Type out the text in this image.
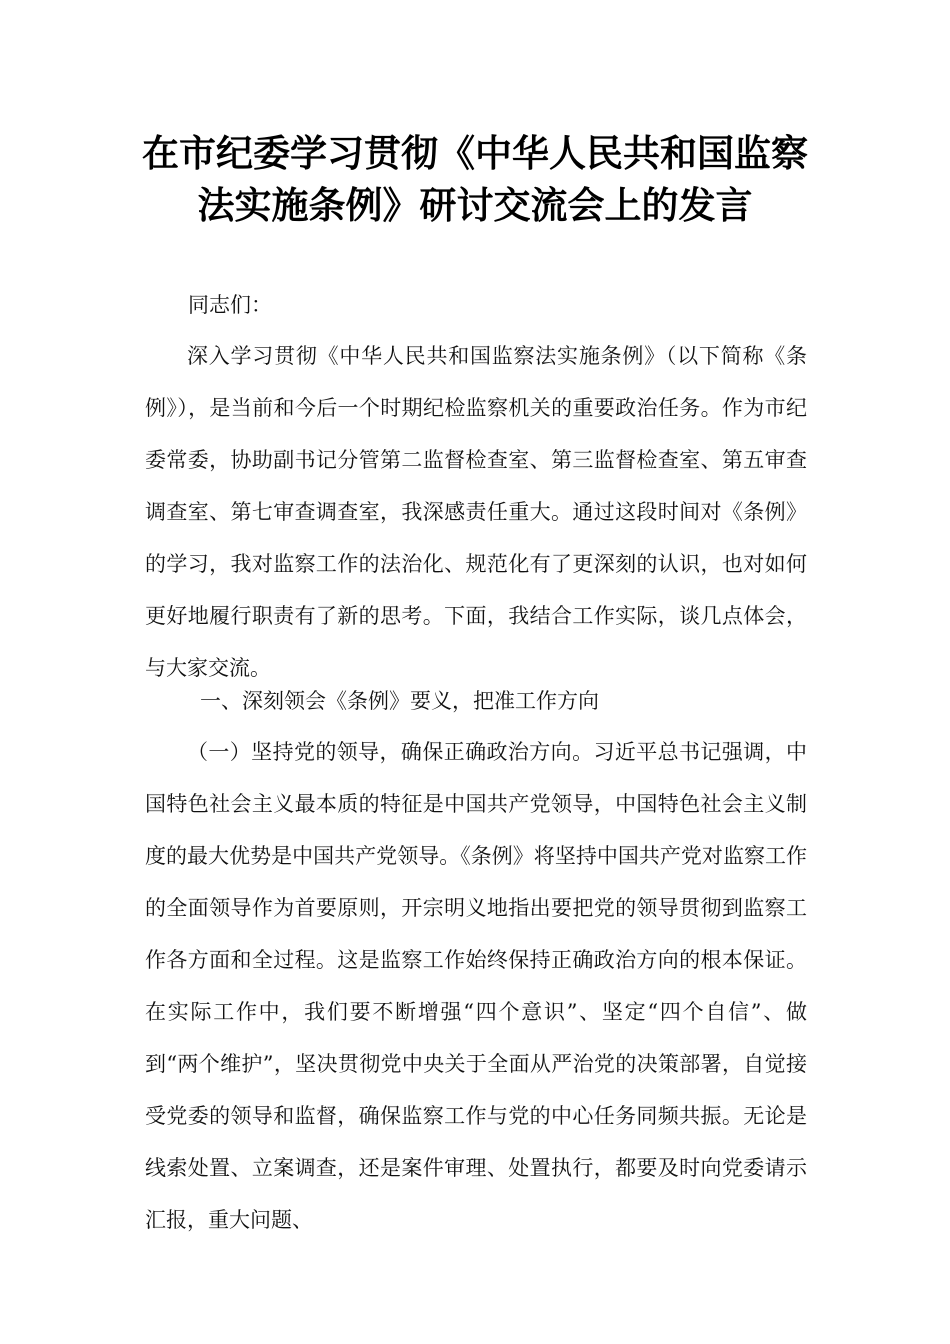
在市纪委学习贯彻《中华人民共和国监察
法实施条例》研讨交流会上的发言

同志们：

深入学习贯彻《中华人民共和国监察法实施条例》（以下简称《条例》），是当前和今后一个时期纪检监察机关的重要政治任务。作为市纪委常委，协助副书记分管第二监督检查室、第三监督检查室、第五审查调查室、第七审查调查室，我深感责任重大。通过这段时间对《条例》的学习，我对监察工作的法治化、规范化有了更深刻的认识，也对如何更好地履行职责有了新的思考。下面，我结合工作实际，谈几点体会，与大家交流。

一、深刻领会《条例》要义，把准工作方向

（一）坚持党的领导，确保正确政治方向。习近平总书记强调，中国特色社会主义最本质的特征是中国共产党领导，中国特色社会主义制度的最大优势是中国共产党领导。《条例》将坚持中国共产党对监察工作的全面领导作为首要原则，开宗明义地指出要把党的领导贯彻到监察工作各方面和全过程。这是监察工作始终保持正确政治方向的根本保证。在实际工作中，我们要不断增强“四个意识”、坚定“四个自信”、做到“两个维护”，坚决贯彻党中央关于全面从严治党的决策部署，自觉接受党委的领导和监督，确保监察工作与党的中心任务同频共振。无论是线索处置、立案调查，还是案件审理、处置执行，都要及时向党委请示汇报，重大问题、
